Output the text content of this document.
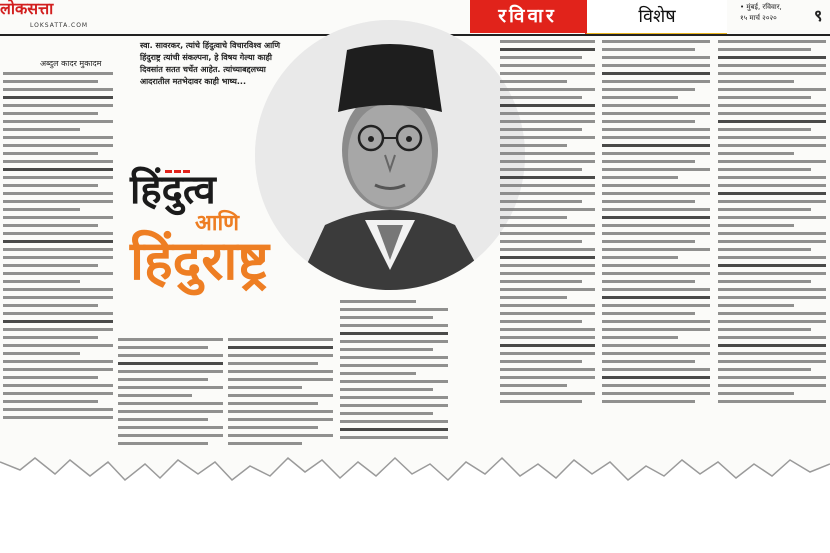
लोकसत्ता
LOKSATTA.COM	रविवार	विशेष	• मुंबई, रविवार,
१५ मार्च २०२०	९
अब्दुल कादर मुकादम
स्वा. सावरकर, त्यांचे हिंदुत्वाचे विचारविश्व आणि हिंदुराष्ट्र त्यांची संकल्पना, हे विषय गेल्या काही दिवसांत सतत चर्चेत आहेत. त्यांच्याबद्दलच्या आदरातील मतभेदावर काही भाष्य...
हिंदुत्व
आणि
हिंदुराष्ट्र
